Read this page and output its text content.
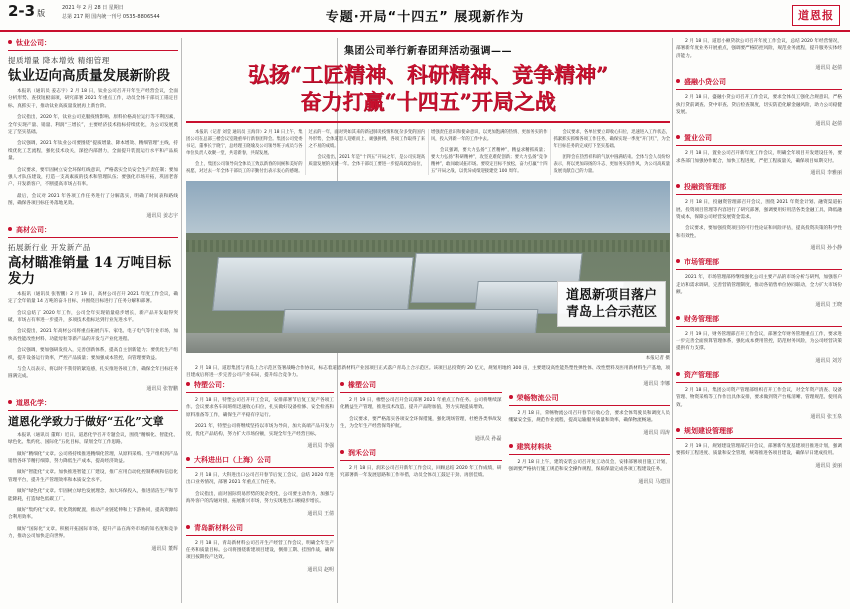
2-3 版
2021 年 2 月 28 日 星期日
总第 217 期 国内统一刊号 0535-8806544	专题·开局“十四五” 展现新作为	道恩报
钛业公司：
提质增量 降本增效 精细管理
钛业迈向高质量发展新阶段
本报讯（通讯员 姜志宇）2 月 18 日，钛业公司召开开年生产经营会议，全面分析形势、查找短板弱项，研究部署 2021 年重点工作，动员全体干部员工锚定目标、真抓实干，推动钛业高质量发展再上新台阶。
会议指出，2020 年，钛业公司克服疫情影响、原料价格高位运行等不利因素，全年实现产量、销量、利润“三增长”，主要经济技术指标持续优化，为公司发展奠定了坚实基础。
会议强调，2021 年钛业公司要围绕“提质增量、降本增效、精细管理”主线，持续优化工艺流程，强化技术攻关，深挖内部潜力，全面提升装置运行水平和产品质量。
会议要求，要牢固树立安全环保红线意识，严格落实全员安全生产责任制；要加强人才队伍建设，打造一支高素质的技术和管理队伍；要强化市场开拓，巩固老客户、开发新客户，不断提高市场占有率。
最后，会议对 2021 年各项工作任务进行了分解落实，明确了时间表和路线图，确保各项目标任务落地见效。
通讯员 姜志宇
高材公司：
拓展新行业 开发新产品
高材瞄准销量 14 万吨目标发力
本报讯（通讯员 张智鹏）2 月 19 日，高材公司召开 2021 年度工作会议，确定了全年销量 14 万吨的奋斗目标，并围绕目标进行了任务分解和部署。
会议总结了 2020 年工作，公司全年实现销量稳步增长，新产品开发取得突破，市场占有率进一步提升，多项技术指标达到行业先进水平。
会议提出，2021 年高材公司将重点拓展汽车、家电、电子电气等行业市场，加快高性能改性材料、功能母粒等新产品的开发与产业化进程。
会议强调，要加强研发投入，完善创新体系，提高自主创新能力；要优化生产组织，提升设备运行效率，严控产品质量；要加强成本管控，向管理要效益。
与会人员表示，将以时不我待的紧迫感，扎实推进各项工作，确保全年目标任务圆满完成。
通讯员 张智鹏
道恩化学：
道恩化学致力于做好“五化”文章
本报讯（通讯员 董辉）近日，道恩化学召开专题会议，围绕“精细化、智能化、绿色化、集约化、国际化”五化目标，谋划全年工作思路。
做好“精细化”文章。公司将持续推进精细化管理，从原料采购、生产组织到产品销售各环节精打细算，努力降低生产成本，提高经济效益。
做好“智能化”文章。加快推进智能工厂建设，推广应用自动化控制系统和信息化管理平台，提升生产管理效率和本质安全水平。
做好“绿色化”文章。牢固树立绿色发展理念，加大环保投入，推进清洁生产和节能降耗，打造绿色低碳工厂。
做好“集约化”文章。优化资源配置，推动产业链延伸和上下游协同，提高资源综合利用效率。
做好“国际化”文章。积极开拓国际市场，提升产品在海外市场的知名度和竞争力，推动公司加快走向世界。
通讯员 董辉
特塑公司：
2 月 18 日，特塑公司召开开工会议，安排部署节后复工复产各项工作。会议要求各车间班组迅速收心归位，扎实做好设备检修、安全检查和原料准备等工作，确保生产平稳有序运行。
2021 年，特塑公司将继续坚持以市场为导向，加大高端产品开发力度，优化产品结构，努力扩大市场份额，实现全年生产经营目标。
通讯员 李强
大科进出口（上海）公司
2 月 18 日，大科进出口公司召开春节后复工会议，总结 2020 年进出口业务情况，部署 2021 年重点工作任务。
会议指出，面对国际贸易形势的复杂变化，公司要主动作为，加强与海外客户的沟通对接，拓展新兴市场，努力实现进出口额稳步增长。
通讯员 王倩
青岛新材料公司
2 月 18 日，青岛新材料公司召开生产经营工作会议，明确全年生产任务和质量目标。公司将围绕新建项目建设，倒排工期、挂图作战，确保项目按期投产达效。
通讯员 赵明
集团公司举行新春团拜活动强调——
弘扬“工匠精神、科研精神、竞争精神”
奋力打赢“十四五”开局之战
本报讯（记者 刘莹 通讯员 王海洋）2 月 18 日上午，集团公司在总部三楼会议室隆重举行新春团拜会。集团公司党委书记、董事长于晓宁，总经理王晓瑜及公司领导班子成员与各单位负责人欢聚一堂，共话新春，共谋发展。
会上，集团公司领导向全体员工致以新春的问候和美好的祝愿，对过去一年全体干部员工的辛勤付出表示衷心的感谢。过去的一年，面对突如其来的新冠肺炎疫情和复杂多变的国内外形势，全体道恩人迎难而上、顽强拼搏，各项工作取得了来之不易的成绩。
会议指出，2021 年是“十四五”开局之年，是公司实现高质量发展的关键一年。全体干部员工要进一步提高政治站位，增强责任意识和使命意识，以更加饱满的热情、更加务实的作风，投入到新一年的工作中去。
会议强调，要大力弘扬“工匠精神”，精益求精抓质量；要大力弘扬“科研精神”，攻坚克难促创新；要大力弘扬“竞争精神”，敢闯敢试拓市场。要咬定目标不放松，奋力打赢“十四五”开局之战，以优异成绩迎接建党 100 周年。
会议要求，各单位要立即收心归位，迅速进入工作状态，抓紧抓实抓细各项工作任务，确保实现一季度“开门红”，为全年目标任务的完成打下坚实基础。
团拜会在热烈祥和的气氛中圆满结束。全体与会人员纷纷表示，将以更加昂扬的斗志、更加务实的作风，为公司高质量发展贡献自己的力量。
道恩新项目落户
青岛上合示范区
本报记者 摄
2 月 18 日，道恩集团与青岛上合示范区签署战略合作协议，标志着道恩新材料产业园项目正式落户青岛上合示范区。该项目总投资约 20 亿元，规划用地约 300 亩，主要建设高性能热塑性弹性体、改性塑料及医用新材料生产基地，项目建成后将进一步完善公司产业布局，提升综合竞争力。
橡塑公司
2 月 19 日，橡塑公司召开会议部署 2021 年重点工作任务。公司将继续深化精益生产管理，推进技术改造，提升产品附加值，努力实现提质增效。
会议要求，要严格落实各项安全环保措施，强化现场管理，杜绝各类事故发生，为全年生产经营保驾护航。
通讯员 孙磊
润禾公司
2 月 18 日，润禾公司召开新年工作会议，回顾总结 2020 年工作成绩，研究部署新一年发展思路和工作举措，动员全体员工鼓足干劲、再创佳绩。
通讯员 李娜
荣畅物流公司
2 月 18 日，荣畅物流公司召开春节后收心会，要求全体驾驶员和调度人员绷紧安全弦，规范作业流程，提高运输服务质量和效率，确保物流畅通。
通讯员 周涛
建筑材料块
2 月 18 日上午，建筑安装公司召开复工动员会，安排部署项目施工计划，强调要严格执行施工规范和安全操作规程，保质保量完成各项工程建设任务。
通讯员 马建国
2 月 18 日，道恩小额贷款公司召开年度工作会议，总结 2020 年经营情况，部署新年度业务开展重点，强调要严格防控风险，规范业务流程，提升服务实体经济能力。
通讯员 赵倩
盛融小贷公司
2 月 18 日，盛融小贷公司召开工作会议，要求全体员工强化合规意识，严格执行贷前调查、贷中审查、贷后检查制度，切实防范化解金融风险，助力公司稳健发展。
通讯员 赵倩
置业公司
2 月 18 日，置业公司召开新年度工作会议，明确全年项目开发建设任务，要求各部门加强协作配合，加快工程进度，严把工程质量关，确保项目如期交付。
通讯员 李雅丽
投融资管理部
2 月 18 日，投融资管理部召开会议，围绕 2021 年资金计划、融资渠道拓展、投资项目管理等内容进行了研究部署，强调要用好用活各类金融工具，降低融资成本，保障公司经营发展资金需求。
会议要求，要加强投资项目的可行性论证和风险评估，提高投资决策的科学性和有效性。
通讯员 孙小静
市场管理部
2021 年，市场管理部将继续强化公司主要产品的市场分析与研判，加强客户走访和需求调研，完善营销管理制度，推动各销售单位协同联动，全力扩大市场份额。
通讯员 王晓
财务管理部
2 月 19 日，财务管理部召开工作会议，部署全年财务管理重点工作，要求进一步完善全面预算管理体系，强化成本费用管控，防范财务风险，为公司经营决策提供有力支撑。
通讯员 刘芳
资产管理部
2 月 18 日，集团公司资产管理部组织召开工作会议，对全年资产清查、设备管理、物资采购等工作作出具体安排，要求做到资产台账清晰、管理规范、使用高效。
通讯员 张玉泉
规划建设管理部
2 月 19 日，规划建设管理部召开会议，部署新年度基建项目推进计划，强调要抓好工程进度、质量和安全管理，统筹推进各项目建设，确保早日建成投用。
通讯员 姜丽
